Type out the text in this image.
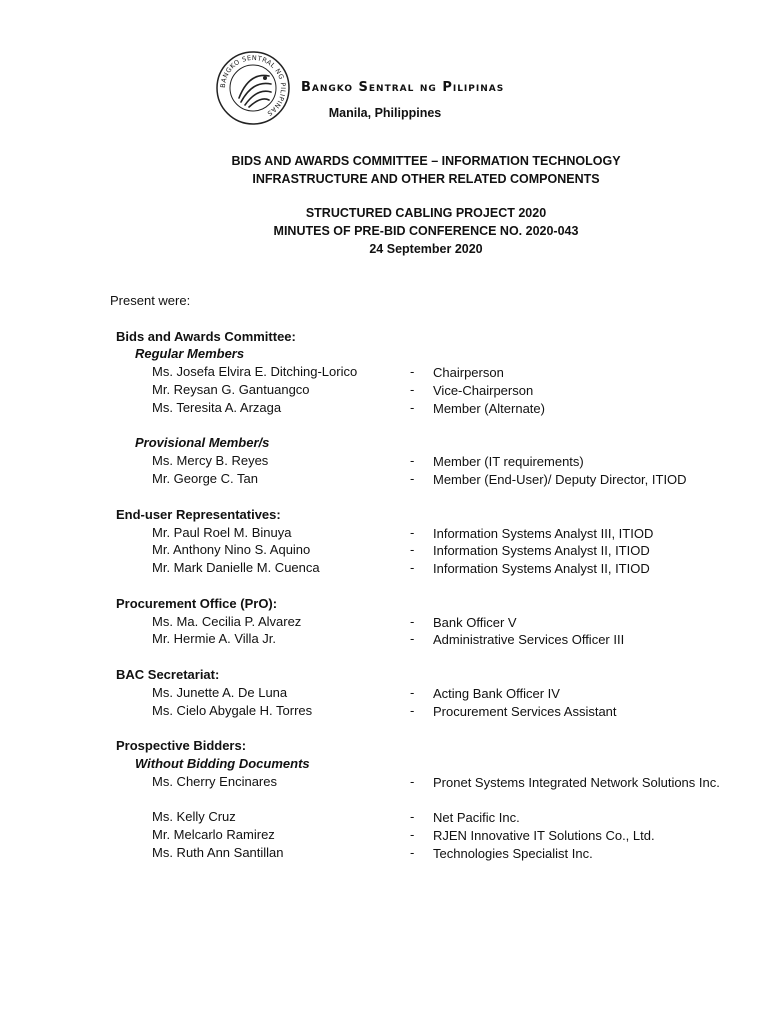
BANGKO SENTRAL NG PILIPINAS
Bangko Sentral ng Pilipinas
Manila, Philippines
BIDS AND AWARDS COMMITTEE – INFORMATION TECHNOLOGY
INFRASTRUCTURE AND OTHER RELATED COMPONENTS
STRUCTURED CABLING PROJECT 2020
MINUTES OF PRE-BID CONFERENCE NO. 2020-043
24 September 2020
Present were:
Bids and Awards Committee:
Regular Members
Ms. Josefa Elvira E. Ditching-Lorico	- Chairperson
Mr. Reysan G. Gantuangco	- Vice-Chairperson
Ms. Teresita A. Arzaga	- Member (Alternate)
Provisional Member/s
Ms. Mercy B. Reyes	- Member (IT requirements)
Mr. George C. Tan	- Member (End-User)/ Deputy Director, ITIOD
End-user Representatives:
Mr. Paul Roel M. Binuya	- Information Systems Analyst III, ITIOD
Mr. Anthony Nino S. Aquino	- Information Systems Analyst II, ITIOD
Mr. Mark Danielle M. Cuenca	- Information Systems Analyst II, ITIOD
Procurement Office (PrO):
Ms. Ma. Cecilia P. Alvarez	- Bank Officer V
Mr. Hermie A. Villa Jr.	- Administrative Services Officer III
BAC Secretariat:
Ms. Junette A. De Luna	- Acting Bank Officer IV
Ms. Cielo Abygale H. Torres	- Procurement Services Assistant
Prospective Bidders:
Without Bidding Documents
Ms. Cherry Encinares	- Pronet Systems Integrated Network Solutions Inc.
Ms. Kelly Cruz	- Net Pacific Inc.
Mr. Melcarlo Ramirez	- RJEN Innovative IT Solutions Co., Ltd.
Ms. Ruth Ann Santillan	- Technologies Specialist Inc.
